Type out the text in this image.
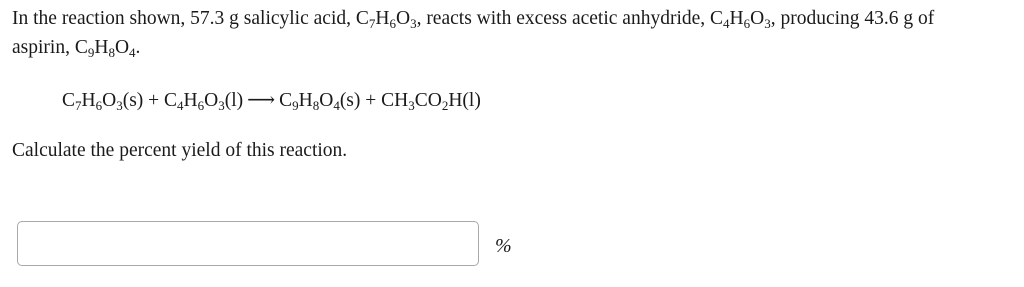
In the reaction shown, 57.3 g salicylic acid, $C_7H_6O_3$, reacts with excess acetic anhydride, $C_4H_6O_3$, producing 43.6 g of
aspirin, $C_9H_8O_4$.
$C_7H_6O_3(s) + C_4H_6O_3(l)$ ⟶ $C_9H_8O_4(s) + CH_3CO_2H(l)$
Calculate the percent yield of this reaction.
%
